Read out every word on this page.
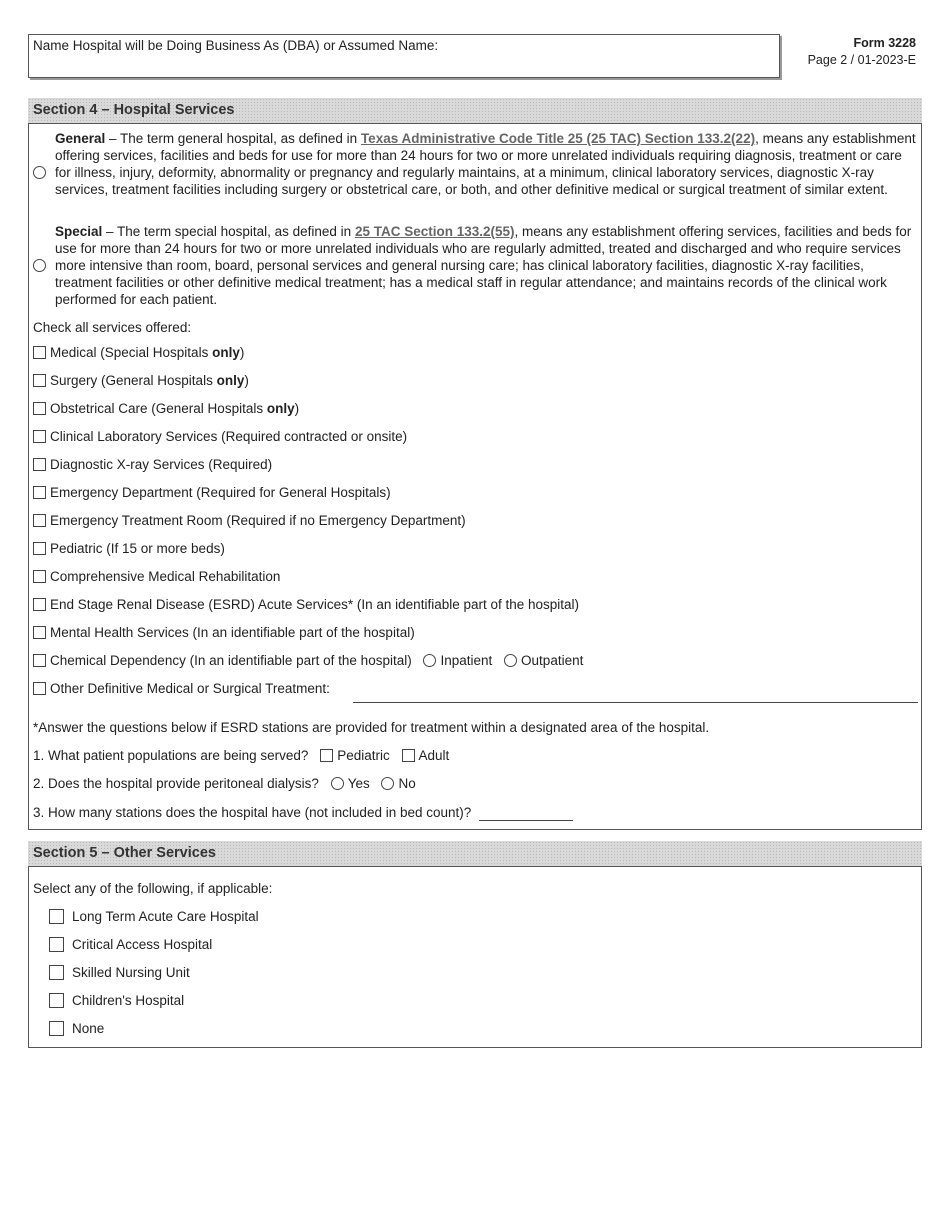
Name Hospital will be Doing Business As (DBA) or Assumed Name:	Form 3228
Page 2 / 01-2023-E
Section 4 – Hospital Services
General – The term general hospital, as defined in Texas Administrative Code Title 25 (25 TAC) Section 133.2(22), means any establishment offering services, facilities and beds for use for more than 24 hours for two or more unrelated individuals requiring diagnosis, treatment or care for illness, injury, deformity, abnormality or pregnancy and regularly maintains, at a minimum, clinical laboratory services, diagnostic X-ray services, treatment facilities including surgery or obstetrical care, or both, and other definitive medical or surgical treatment of similar extent.
Special – The term special hospital, as defined in 25 TAC Section 133.2(55), means any establishment offering services, facilities and beds for use for more than 24 hours for two or more unrelated individuals who are regularly admitted, treated and discharged and who require services more intensive than room, board, personal services and general nursing care; has clinical laboratory facilities, diagnostic X-ray facilities, treatment facilities or other definitive medical treatment; has a medical staff in regular attendance; and maintains records of the clinical work performed for each patient.
Check all services offered:
Medical (Special Hospitals only)
Surgery (General Hospitals only)
Obstetrical Care (General Hospitals only)
Clinical Laboratory Services (Required contracted or onsite)
Diagnostic X-ray Services (Required)
Emergency Department (Required for General Hospitals)
Emergency Treatment Room (Required if no Emergency Department)
Pediatric (If 15 or more beds)
Comprehensive Medical Rehabilitation
End Stage Renal Disease (ESRD) Acute Services* (In an identifiable part of the hospital)
Mental Health Services (In an identifiable part of the hospital)
Chemical Dependency (In an identifiable part of the hospital) Inpatient Outpatient
Other Definitive Medical or Surgical Treatment:
*Answer the questions below if ESRD stations are provided for treatment within a designated area of the hospital.
1. What patient populations are being served? Pediatric Adult
2. Does the hospital provide peritoneal dialysis? Yes No
3. How many stations does the hospital have (not included in bed count)?
Section 5 – Other Services
Select any of the following, if applicable:
Long Term Acute Care Hospital
Critical Access Hospital
Skilled Nursing Unit
Children's Hospital
None
